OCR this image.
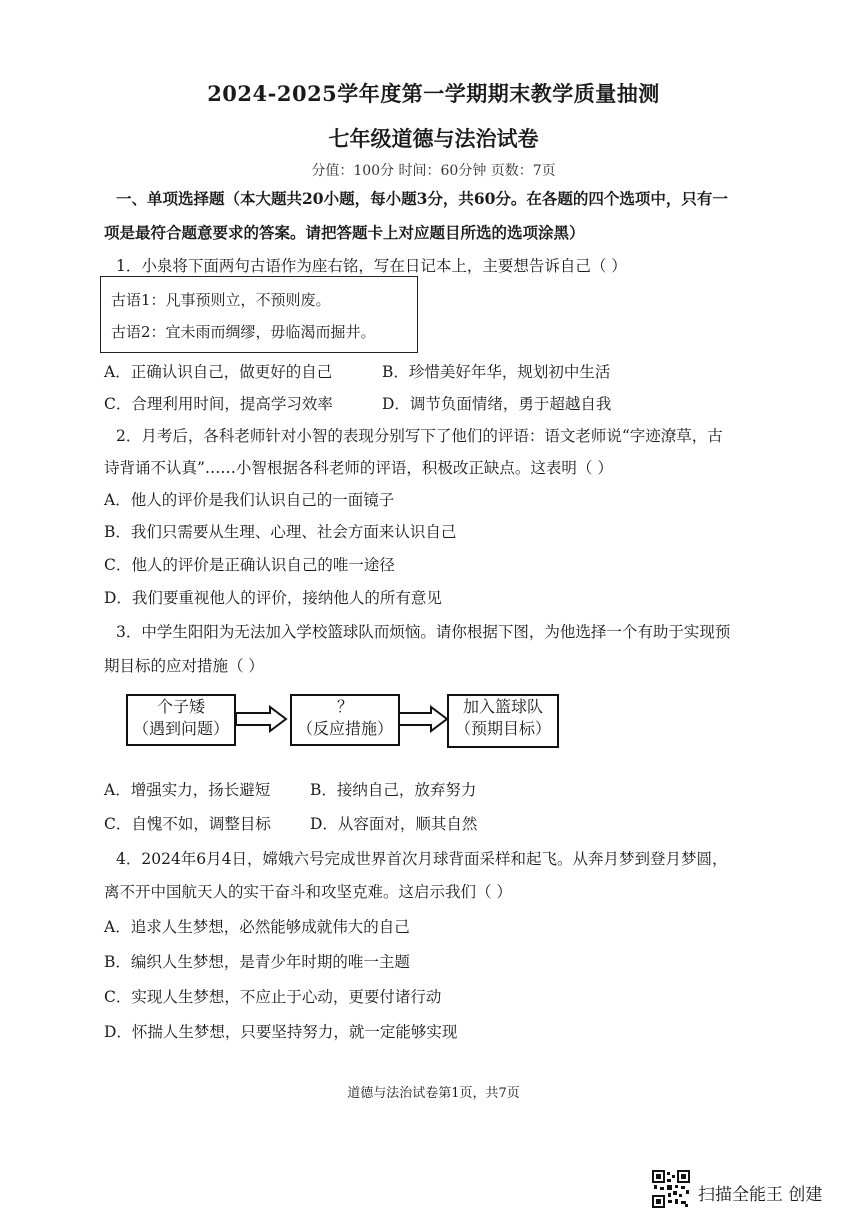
2024-2025学年度第一学期期末教学质量抽测
七年级道德与法治试卷
分值：100分 时间：60分钟 页数：7页
一、单项选择题（本大题共20小题，每小题3分，共60分。在各题的四个选项中，只有一
项是最符合题意要求的答案。请把答题卡上对应题目所选的选项涂黑）
1．小泉将下面两句古语作为座右铭，写在日记本上，主要想告诉自己（ ）
古语1：凡事预则立，不预则废。
古语2：宜未雨而绸缪，毋临渴而掘井。
A．正确认识自己，做更好的自己	B．珍惜美好年华，规划初中生活
C．合理利用时间，提高学习效率	D．调节负面情绪，勇于超越自我
2．月考后，各科老师针对小智的表现分别写下了他们的评语：语文老师说“字迹潦草，古
诗背诵不认真”……小智根据各科老师的评语，积极改正缺点。这表明（ ）
A．他人的评价是我们认识自己的一面镜子
B．我们只需要从生理、心理、社会方面来认识自己
C．他人的评价是正确认识自己的唯一途径
D．我们要重视他人的评价，接纳他人的所有意见
3．中学生阳阳为无法加入学校篮球队而烦恼。请你根据下图，为他选择一个有助于实现预
期目标的应对措施（ ）
个子矮
（遇到问题）
？
（反应措施）
加入篮球队
（预期目标）
A．增强实力，扬长避短	B．接纳自己，放弃努力
C．自愧不如，调整目标	D．从容面对，顺其自然
4．2024年6月4日，嫦娥六号完成世界首次月球背面采样和起飞。从奔月梦到登月梦圆，
离不开中国航天人的实干奋斗和攻坚克难。这启示我们（ ）
A．追求人生梦想，必然能够成就伟大的自己
B．编织人生梦想，是青少年时期的唯一主题
C．实现人生梦想，不应止于心动，更要付诸行动
D．怀揣人生梦想，只要坚持努力，就一定能够实现
道德与法治试卷第1页，共7页
扫描全能王 创建
